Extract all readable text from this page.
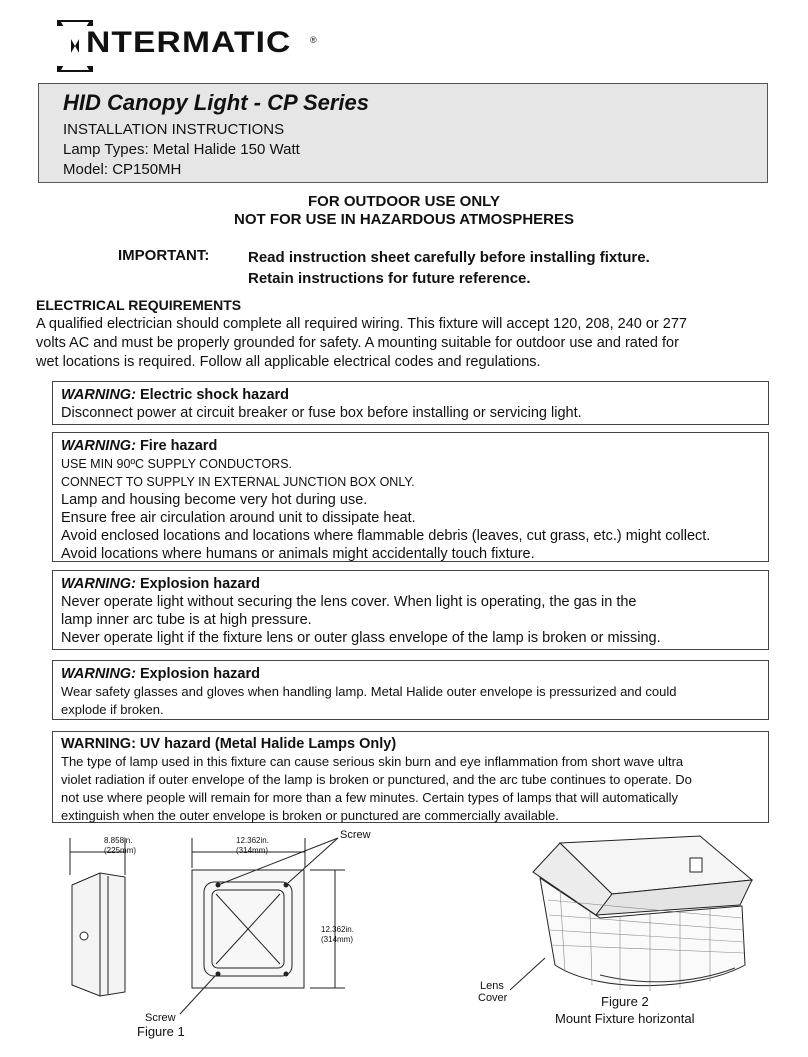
NTERMATIC ®
HID Canopy Light - CP Series
INSTALLATION INSTRUCTIONS
Lamp Types: Metal Halide 150 Watt
Model: CP150MH
FOR OUTDOOR USE ONLY
NOT FOR USE IN HAZARDOUS ATMOSPHERES
IMPORTANT:	Read instruction sheet carefully before installing fixture.
Retain instructions for future reference.
ELECTRICAL REQUIREMENTS
A qualified electrician should complete all required wiring. This fixture will accept 120, 208, 240 or 277
volts AC and must be properly grounded for safety. A mounting suitable for outdoor use and rated for
wet locations is required. Follow all applicable electrical codes and regulations.
WARNING: Electric shock hazard
Disconnect power at circuit breaker or fuse box before installing or servicing light.
WARNING: Fire hazard
USE MIN 90ºC SUPPLY CONDUCTORS.
CONNECT TO SUPPLY IN EXTERNAL JUNCTION BOX ONLY.
Lamp and housing become very hot during use.
Ensure free air circulation around unit to dissipate heat.
Avoid enclosed locations and locations where flammable debris (leaves, cut grass, etc.) might collect.
Avoid locations where humans or animals might accidentally touch fixture.
WARNING: Explosion hazard
Never operate light without securing the lens cover. When light is operating, the gas in the
lamp inner arc tube is at high pressure.
Never operate light if the fixture lens or outer glass envelope of the lamp is broken or missing.
WARNING: Explosion hazard
Wear safety glasses and gloves when handling lamp. Metal Halide outer envelope is pressurized and could
explode if broken.
WARNING: UV hazard (Metal Halide Lamps Only)
The type of lamp used in this fixture can cause serious skin burn and eye inflammation from short wave ultra
violet radiation if outer envelope of the lamp is broken or punctured, and the arc tube continues to operate. Do
not use where people will remain for more than a few minutes. Certain types of lamps that will automatically
extinguish when the outer envelope is broken or punctured are commercially available.
8.858in.
(225mm)
12.362in.
(314mm)
12.362in.
(314mm)
Screw
Screw
Figure 1
Lens
Cover	Figure 2
Mount Fixture horizontal
